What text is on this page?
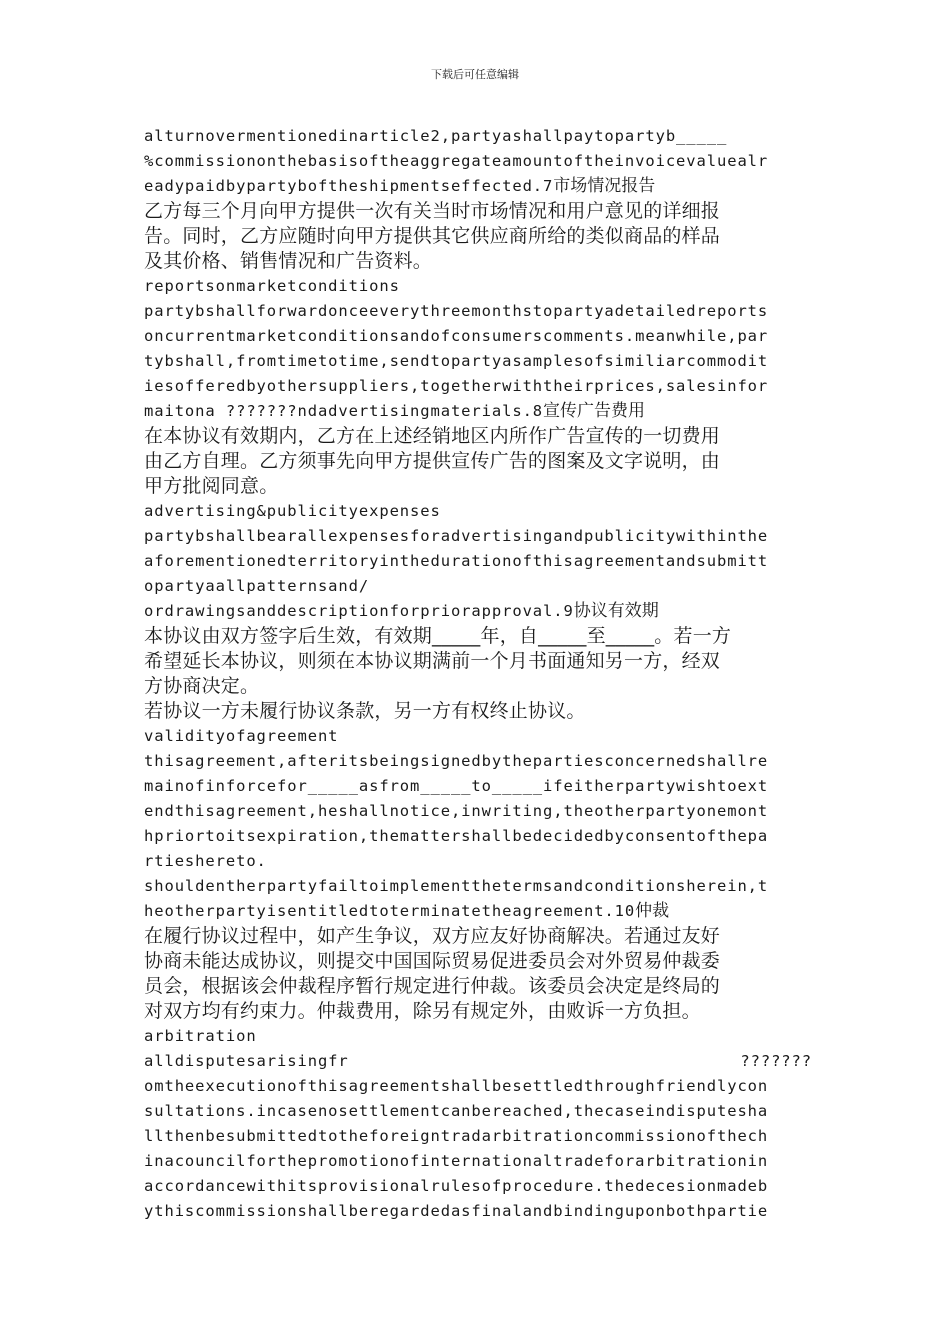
下载后可任意编辑
alturnovermentionedinarticle2,partyashallpaytopartyb_____
%commissiononthebasisoftheaggregateamountoftheinvoicevaluealr
eadypaidbypartyboftheshipmentseffected.7市场情况报告
乙方每三个月向甲方提供一次有关当时市场情况和用户意见的详细报
告。同时，乙方应随时向甲方提供其它供应商所给的类似商品的样品
及其价格、销售情况和广告资料。
reportsonmarketconditions
partybshallforwardonceeverythreemonthstopartyadetailedreports
oncurrentmarketconditionsandofconsumerscomments.meanwhile,par
tybshall,fromtimetotime,sendtopartyasamplesofsimiliarcommodit
iesofferedbyothersuppliers,togetherwiththeirprices,salesinfor
maitona ???????ndadvertisingmaterials.8宣传广告费用
在本协议有效期内，乙方在上述经销地区内所作广告宣传的一切费用
由乙方自理。乙方须事先向甲方提供宣传广告的图案及文字说明，由
甲方批阅同意。
advertising&publicityexpenses
partybshallbearallexpensesforadvertisingandpublicitywithinthe
aforementionedterritoryinthedurationofthisagreementandsubmitt
opartyaallpatternsand/
ordrawingsanddescriptionforpriorapproval.9协议有效期
本协议由双方签字后生效，有效期_____年，自_____至_____。若一方
希望延长本协议，则须在本协议期满前一个月书面通知另一方，经双
方协商决定。
若协议一方未履行协议条款，另一方有权终止协议。
validityofagreement
thisagreement,afteritsbeingsignedbythepartiesconcernedshallre
mainofinforcefor_____asfrom_____to_____ifeitherpartywishtoext
endthisagreement,heshallnotice,inwriting,theotherpartyonemont
hpriortoitsexpiration,themattershallbedecidedbyconsentofthepa
rtieshereto.
shouldentherpartyfailtoimplementthetermsandconditionsherein,t
heotherpartyisentitledtoterminatetheagreement.10仲裁
在履行协议过程中，如产生争议，双方应友好协商解决。若通过友好
协商未能达成协议，则提交中国国际贸易促进委员会对外贸易仲裁委
员会，根据该会仲裁程序暂行规定进行仲裁。该委员会决定是终局的
对双方均有约束力。仲裁费用，除另有规定外，由败诉一方负担。
arbitration
alldisputesarisingfr	???????
omtheexecutionofthisagreementshallbesettledthroughfriendlycon
sultations.incasenosettlementcanbereached,thecaseindisputesha
llthenbesubmittedtotheforeigntradarbitrationcommissionofthech
inacouncilforthepromotionofinternationaltradeforarbitrationin
accordancewithitsprovisionalrulesofprocedure.thedecesionmadeb
ythiscommissionshallberegardedasfinalandbindinguponbothpartie
